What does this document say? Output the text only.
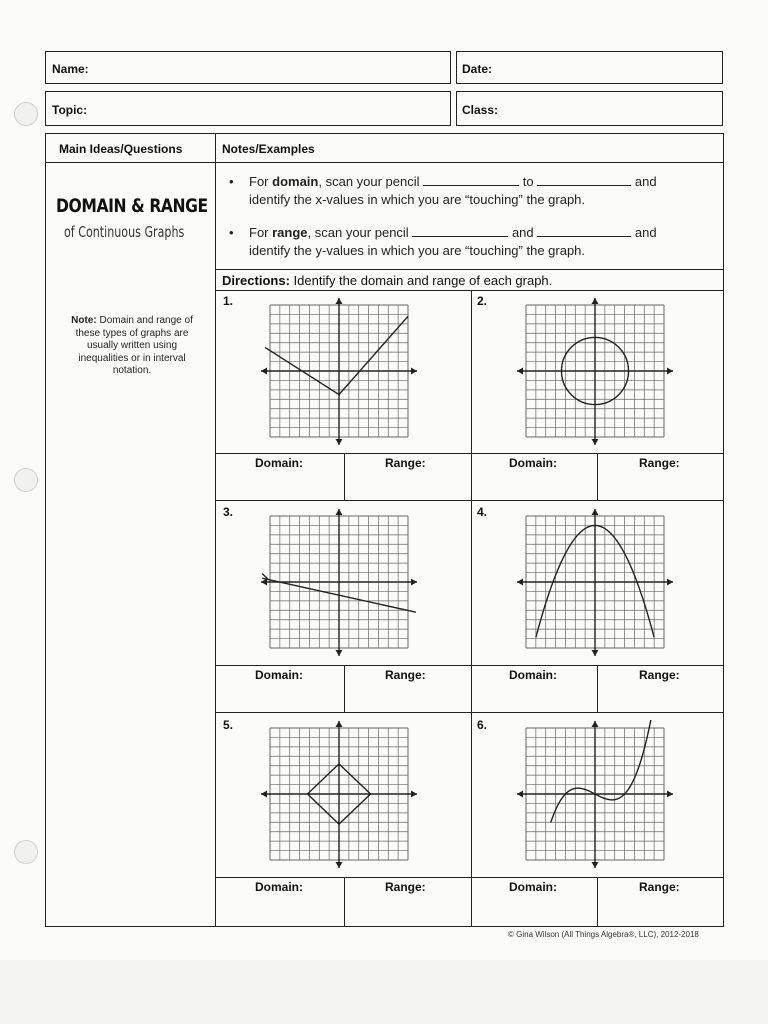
Name:	Date:
Topic:	Class:
Main Ideas/Questions	Notes/Examples
DOMAIN & RANGE
of Continuous Graphs
Note: Domain and range of these types of graphs are usually written using inequalities or in interval notation.
• For domain, scan your pencil	to	and
identify the x-values in which you are “touching” the graph.
• For range, scan your pencil	and	and
identify the y-values in which you are “touching” the graph.
Directions: Identify the domain and range of each graph.
1.	2.
3.	4.
5.	6.
Domain:	Range:	Domain:	Range:
Domain:	Range:	Domain:	Range:
Domain:	Range:	Domain:	Range:
© Gina Wilson (All Things Algebra®, LLC), 2012-2018
